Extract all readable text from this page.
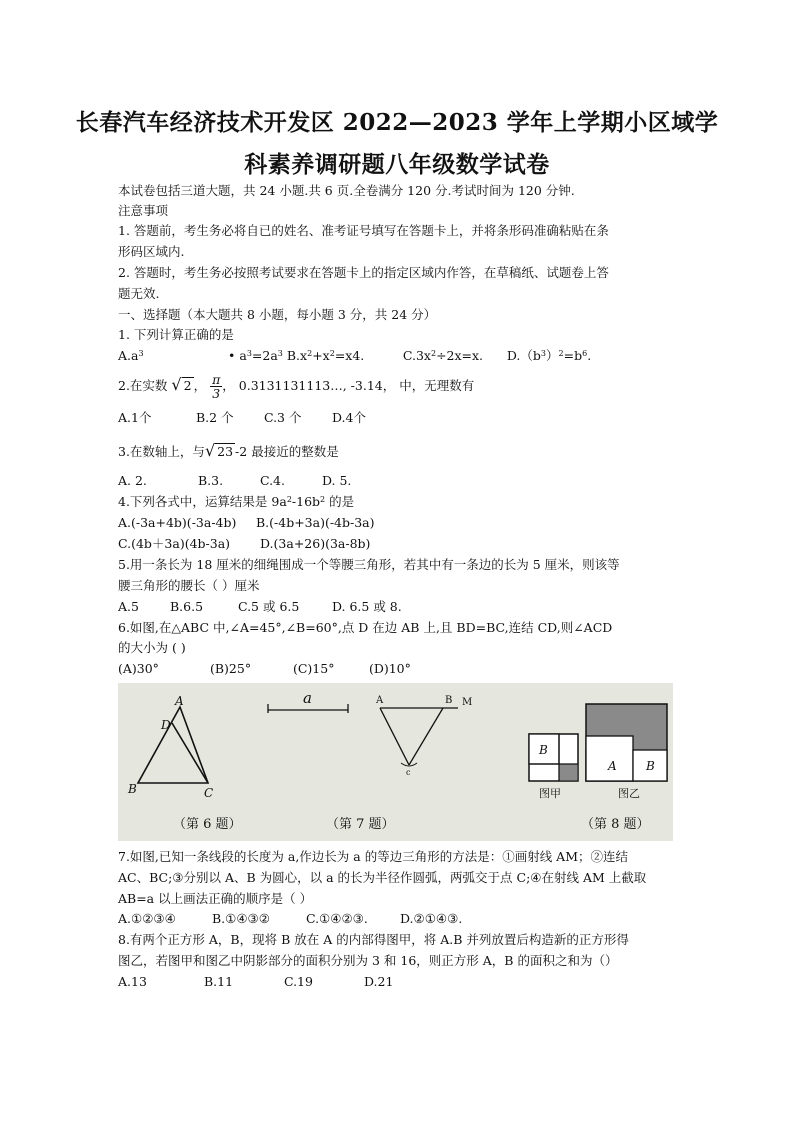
长春汽车经济技术开发区 2022—2023 学年上学期小区域学
科素养调研题八年级数学试卷
本试卷包括三道大题，共 24 小题.共 6 页.全卷满分 120 分.考试时间为 120 分钟.
注意事项
1. 答题前，考生务必将自已的姓名、准考证号填写在答题卡上，并将条形码准确粘贴在条
形码区域内.
2. 答题时，考生务必按照考试要求在答题卡上的指定区域内作答，在草稿纸、试题卷上答
题无效.
一、选择题（本大题共 8 小题，每小题 3 分，共 24 分）
1. 下列计算正确的是
$A.a^3$	• $a^3=2a^3$ $B.x^2+x^2=x4$.	$C.3x^2\div 2x=x$. $D.(b^3)^2=b^6$.
2.在实数 √ 2 ， $\frac{\pi}{3}$ ， 0.3131131113…, -3.14， 中，无理数有
A.1个	B.2 个 C.3 个 D.4个
3.在数轴上，与√ 23 -2 最接近的整数是
A. 2.	B.3.	C.4.	D. 5.
4.下列各式中，运算结果是 $9a^2-16b^2$ 的是
A.(-3a+4b)(-3a-4b) B.(-4b+3a)(-4b-3a)
C.(4b＋3a)(4b-3a) D.(3a+26)(3a-8b)
5.用一条长为 18 厘米的细绳围成一个等腰三角形，若其中有一条边的长为 5 厘米，则该等
腰三角形的腰长（ ）厘米
A.5 B.6.5	C.5 或 6.5	D. 6.5 或 8.
6.如图,在△ABC 中,∠A=45°,∠B=60°,点 D 在边 AB 上,且 BD=BC,连结 CD,则∠ACD
的大小为 ( )
(A)30°	(B)25°	(C)15°	(D)10°
A
D
B	C
（第 6 题）
a	A	B M
c
（第 7 题）
B
图甲
A B
图乙
（第 8 题）
7.如图,已知一条线段的长度为 a,作边长为 a 的等边三角形的方法是：①画射线 AM；②连结
AC、BC;③分别以 A、B 为圆心，以 a 的长为半径作圆弧，两弧交于点 C;④在射线 AM 上截取
AB=a 以上画法正确的顺序是（ ）
A.①②③④	B.①④③②	C.①④②③.	D.②①④③.
8.有两个正方形 A，B，现将 B 放在 A 的内部得图甲，将 A.B 并列放置后构造新的正方形得
图乙，若图甲和图乙中阴影部分的面积分别为 3 和 16，则正方形 A，B 的面积之和为（）
A.13	B.11	C.19	D.21
